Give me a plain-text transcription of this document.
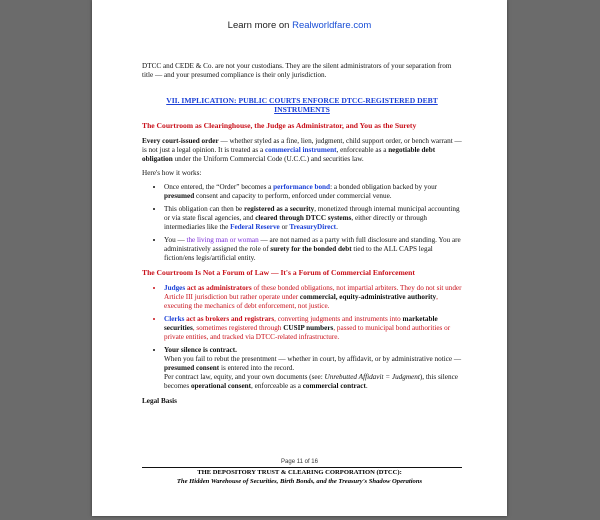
Learn more on Realworldfare.com

DTCC and CEDE & Co. are not your custodians. They are the silent administrators of your separation from title — and your presumed compliance is their only jurisdiction.

VII. IMPLICATION: PUBLIC COURTS ENFORCE DTCC-REGISTERED DEBT INSTRUMENTS

The Courtroom as Clearinghouse, the Judge as Administrator, and You as the Surety

Every court-issued order — whether styled as a fine, lien, judgment, child support order, or bench warrant — is not just a legal opinion. It is treated as a commercial instrument, enforceable as a negotiable debt obligation under the Uniform Commercial Code (U.C.C.) and securities law.

Here's how it works:

• Once entered, the “Order” becomes a performance bond: a bonded obligation backed by your presumed consent and capacity to perform, enforced under commercial venue.
• This obligation can then be registered as a security, monetized through internal municipal accounting or via state fiscal agencies, and cleared through DTCC systems, either directly or through intermediaries like the Federal Reserve or TreasuryDirect.
• You — the living man or woman — are not named as a party with full disclosure and standing. You are administratively assigned the role of surety for the bonded debt tied to the ALL CAPS legal fiction/ens legis/artificial entity.

The Courtroom Is Not a Forum of Law — It's a Forum of Commercial Enforcement

• Judges act as administrators of these bonded obligations, not impartial arbiters. They do not sit under Article III jurisdiction but rather operate under commercial, equity-administrative authority, executing the mechanics of debt enforcement, not justice.
• Clerks act as brokers and registrars, converting judgments and instruments into marketable securities, sometimes registered through CUSIP numbers, passed to municipal bond authorities or private entities, and tracked via DTCC-related infrastructure.
• Your silence is contract.
When you fail to rebut the presentment — whether in court, by affidavit, or by administrative notice — presumed consent is entered into the record.
Per contract law, equity, and your own documents (see: Unrebutted Affidavit = Judgment), this silence becomes operational consent, enforceable as a commercial contract.

Legal Basis

Page 11 of 16
THE DEPOSITORY TRUST & CLEARING CORPORATION (DTCC):
The Hidden Warehouse of Securities, Birth Bonds, and the Treasury's Shadow Operations
